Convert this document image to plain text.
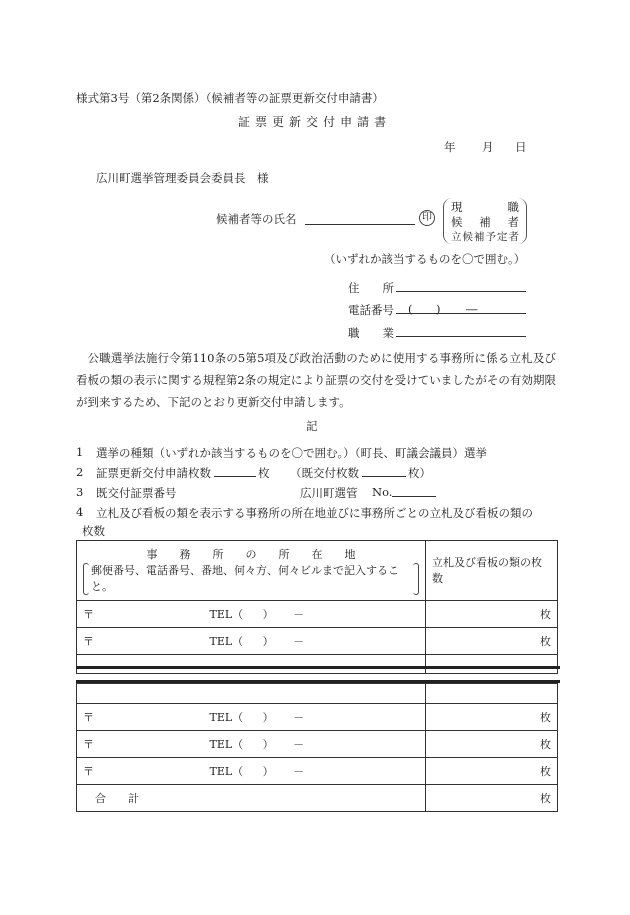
様式第3号（第2条関係）（候補者等の証票更新交付申請書）
証 票 更 新 交 付 申 請 書
年 月 日
広川町選挙管理委員会委員長　様
候補者等の氏名	印
現　職
候　補　者
立候補予定者
（いずれか該当するものを〇で囲む。）
住　　所
電話番号 ( ) ―
職　　業
公職選挙法施行令第110条の5第5項及び政治活動のために使用する事務所に係る立札及び看板の類の表示に関する規程第2条の規定により証票の交付を受けていましたがその有効期限が到来するため、下記のとおり更新交付申請します。
記
1 選挙の種類（いずれか該当するものを〇で囲む。）（町長、町議会議員）選挙
2 証票更新交付申請枚数	枚 （既交付枚数	枚）
3 既交付証票番号	広川町選管 No.
4 立札及び看板の類を表示する事務所の所在地並びに事務所ごとの立札及び看板の類の
枚数
事　　務　　所　　の　　所　　在　　地
郵便番号、電話番号、番地、何々方、何々ビルまで記入すること。	立札及び看板の類の枚数
〒 TEL（ ） －	枚
〒 TEL（ ） －	枚

〒 TEL（ ） －	枚
〒 TEL（ ） －	枚
〒 TEL（ ） －	枚
合　　計	枚
